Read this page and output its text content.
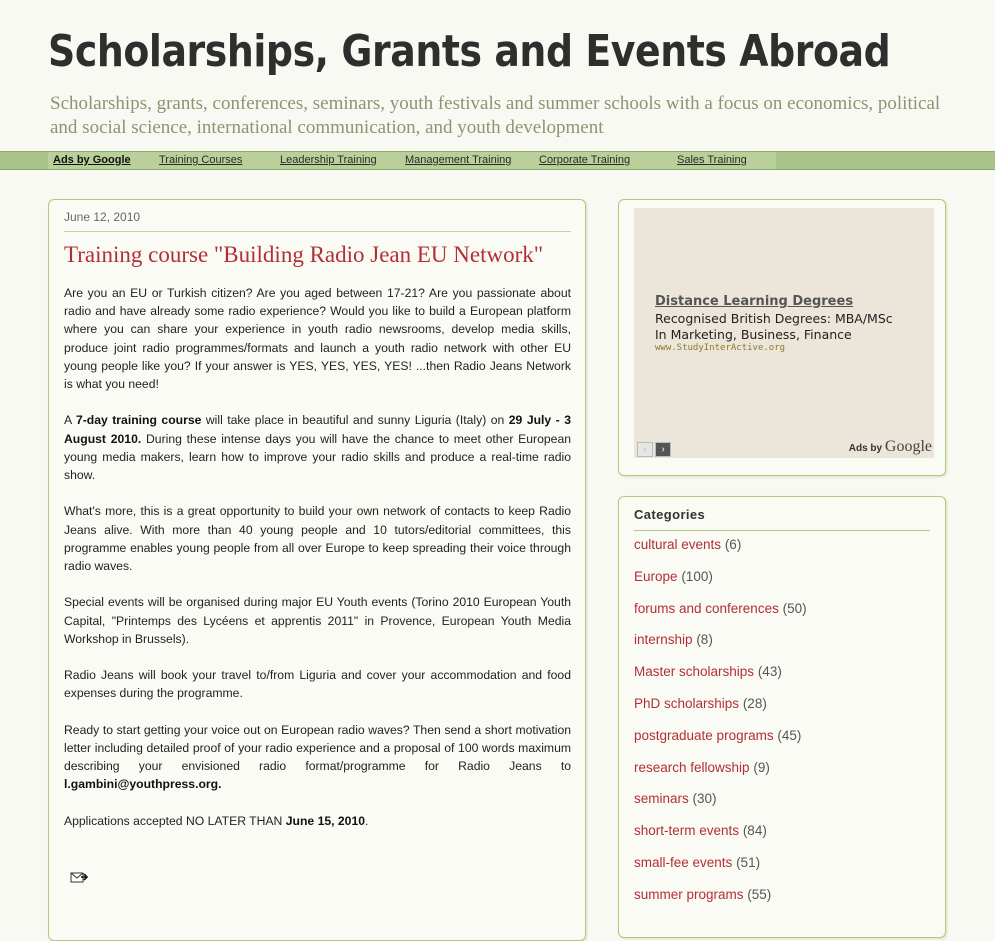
Scholarships, Grants and Events Abroad

Scholarships, grants, conferences, seminars, youth festivals and summer schools with a focus on economics, political and social science, international communication, and youth development

Ads by Google	Training Courses	Leadership Training	Management Training	Corporate Training	Sales Training
June 12, 2010
Training course "Building Radio Jean EU Network"

Are you an EU or Turkish citizen? Are you aged between 17-21? Are you passionate about radio and have already some radio experience? Would you like to build a European platform where you can share your experience in youth radio newsrooms, develop media skills, produce joint radio programmes/formats and launch a youth radio network with other EU young people like you? If your answer is YES, YES, YES, YES! ...then Radio Jeans Network is what you need!

A 7-day training course will take place in beautiful and sunny Liguria (Italy) on 29 July - 3 August 2010. During these intense days you will have the chance to meet other European young media makers, learn how to improve your radio skills and produce a real-time radio show.

What's more, this is a great opportunity to build your own network of contacts to keep Radio Jeans alive. With more than 40 young people and 10 tutors/editorial committees, this programme enables young people from all over Europe to keep spreading their voice through radio waves.

Special events will be organised during major EU Youth events (Torino 2010 European Youth Capital, "Printemps des Lycéens et apprentis 2011" in Provence, European Youth Media Workshop in Brussels).

Radio Jeans will book your travel to/from Liguria and cover your accommodation and food expenses during the programme.

Ready to start getting your voice out on European radio waves? Then send a short motivation letter including detailed proof of your radio experience and a proposal of 100 words maximum describing your envisioned radio format/programme for Radio Jeans to l.gambini@youthpress.org.

Applications accepted NO LATER THAN June 15, 2010.

Distance Learning Degrees
Recognised British Degrees: MBA/MSc
In Marketing, Business, Finance
www.StudyInterActive.org
‹	›	Ads by Google
Categories
cultural events (6)
Europe (100)
forums and conferences (50)
internship (8)
Master scholarships (43)
PhD scholarships (28)
postgraduate programs (45)
research fellowship (9)
seminars (30)
short-term events (84)
small-fee events (51)
summer programs (55)
